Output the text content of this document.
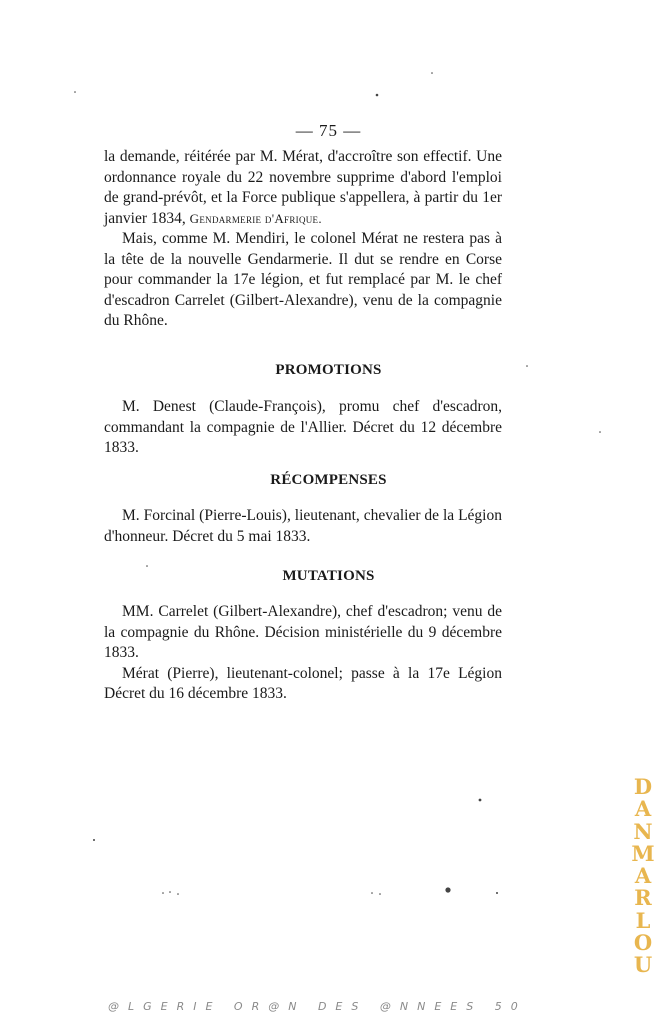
— 75 —

la demande, réitérée par M. Mérat, d'accroître son effectif. Une ordonnance royale du 22 novembre supprime d'abord l'emploi de grand-prévôt, et la Force publique s'appellera, à partir du 1er janvier 1834, Gendarmerie d'Afrique.

Mais, comme M. Mendiri, le colonel Mérat ne restera pas à la tête de la nouvelle Gendarmerie. Il dut se rendre en Corse pour commander la 17e légion, et fut remplacé par M. le chef d'escadron Carrelet (Gilbert-Alexandre), venu de la compagnie du Rhône.

PROMOTIONS

M. Denest (Claude-François), promu chef d'escadron, commandant la compagnie de l'Allier. Décret du 12 décembre 1833.

RÉCOMPENSES

M. Forcinal (Pierre-Louis), lieutenant, chevalier de la Légion d'honneur. Décret du 5 mai 1833.

MUTATIONS

MM. Carrelet (Gilbert-Alexandre), chef d'escadron; venu de la compagnie du Rhône. Décision ministérielle du 9 décembre 1833.

Mérat (Pierre), lieutenant-colonel; passe à la 17e Légion Décret du 16 décembre 1833.

D
A
N
M
A
R
L
O
U
@LGERIE OR@N DES @NNEES 50
